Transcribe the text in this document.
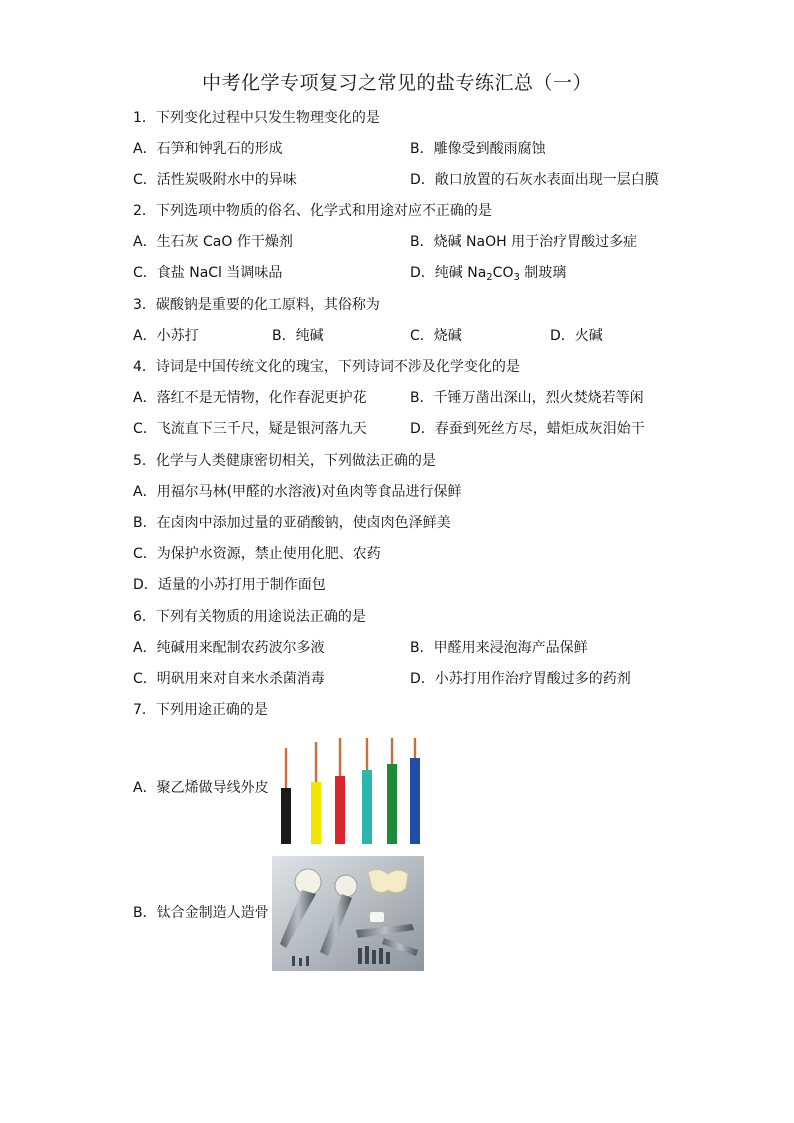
中考化学专项复习之常见的盐专练汇总（一）
1．下列变化过程中只发生物理变化的是
A．石笋和钟乳石的形成	B．雕像受到酸雨腐蚀
C．活性炭吸附水中的异味	D．敞口放置的石灰水表面出现一层白膜
2．下列选项中物质的俗名、化学式和用途对应不正确的是
A．生石灰 CaO 作干燥剂	B．烧碱 NaOH 用于治疗胃酸过多症
C．食盐 NaCl 当调味品	D．纯碱 $Na_2CO_3$ 制玻璃
3．碳酸钠是重要的化工原料，其俗称为
A．小苏打	B．纯碱	C．烧碱	D．火碱
4．诗词是中国传统文化的瑰宝，下列诗词不涉及化学变化的是
A．落红不是无情物，化作春泥更护花	B．千锤万凿出深山，烈火焚烧若等闲
C．飞流直下三千尺，疑是银河落九天	D．春蚕到死丝方尽，蜡炬成灰泪始干
5．化学与人类健康密切相关，下列做法正确的是
A．用福尔马林(甲醛的水溶液)对鱼肉等食品进行保鲜
B．在卤肉中添加过量的亚硝酸钠，使卤肉色泽鲜美
C．为保护水资源，禁止使用化肥、农药
D．适量的小苏打用于制作面包
6．下列有关物质的用途说法正确的是
A．纯碱用来配制农药波尔多液	B．甲醛用来浸泡海产品保鲜
C．明矾用来对自来水杀菌消毒	D．小苏打用作治疗胃酸过多的药剂
7．下列用途正确的是
A．聚乙烯做导线外皮
B．钛合金制造人造骨
